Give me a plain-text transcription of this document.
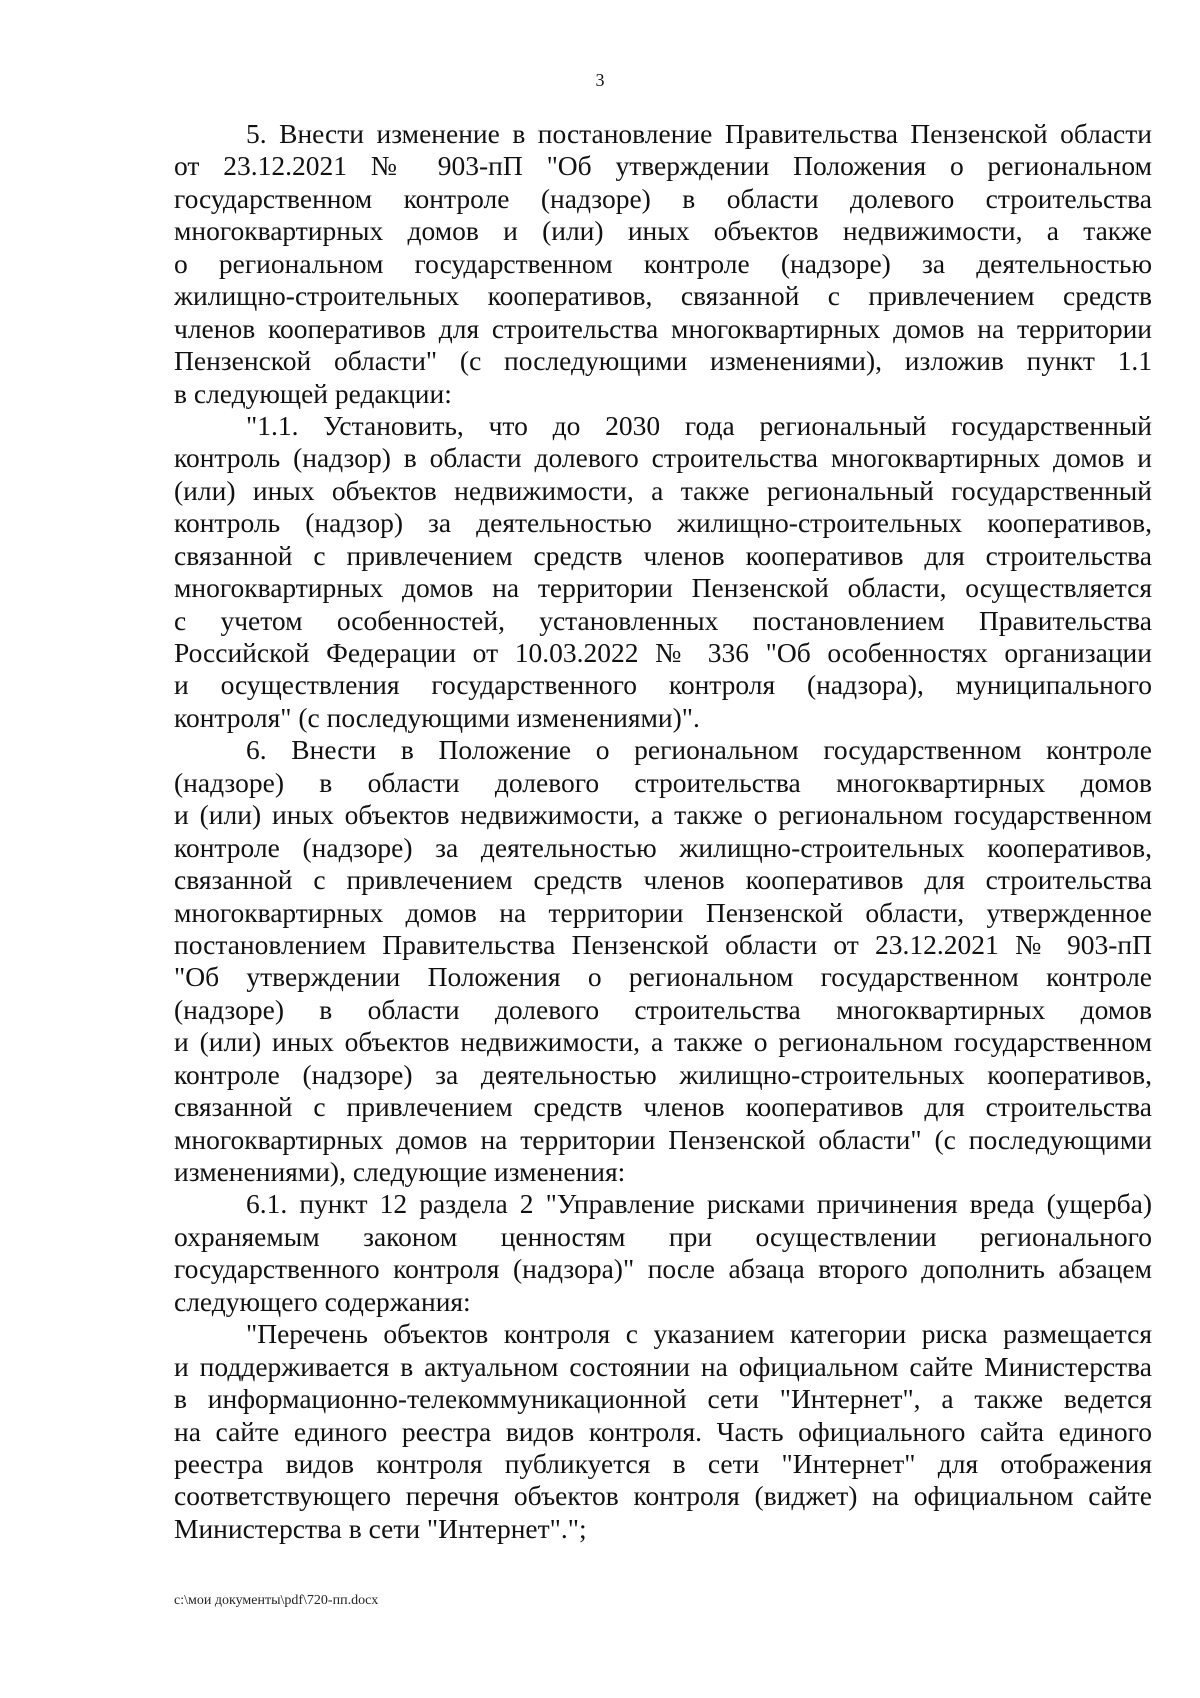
3
5. Внести изменение в постановление Правительства Пензенской области
от 23.12.2021 № 903-пП "Об утверждении Положения о региональном
государственном контроле (надзоре) в области долевого строительства
многоквартирных домов и (или) иных объектов недвижимости, а также
о региональном государственном контроле (надзоре) за деятельностью
жилищно-строительных кооперативов, связанной с привлечением средств
членов кооперативов для строительства многоквартирных домов на территории
Пензенской области" (с последующими изменениями), изложив пункт 1.1
в следующей редакции:
"1.1. Установить, что до 2030 года региональный государственный
контроль (надзор) в области долевого строительства многоквартирных домов и
(или) иных объектов недвижимости, а также региональный государственный
контроль (надзор) за деятельностью жилищно-строительных кооперативов,
связанной с привлечением средств членов кооперативов для строительства
многоквартирных домов на территории Пензенской области, осуществляется
с учетом особенностей, установленных постановлением Правительства
Российской Федерации от 10.03.2022 № 336 "Об особенностях организации
и осуществления государственного контроля (надзора), муниципального
контроля" (с последующими изменениями)".
6. Внести в Положение о региональном государственном контроле
(надзоре) в области долевого строительства многоквартирных домов
и (или) иных объектов недвижимости, а также о региональном государственном
контроле (надзоре) за деятельностью жилищно-строительных кооперативов,
связанной с привлечением средств членов кооперативов для строительства
многоквартирных домов на территории Пензенской области, утвержденное
постановлением Правительства Пензенской области от 23.12.2021 № 903-пП
"Об утверждении Положения о региональном государственном контроле
(надзоре) в области долевого строительства многоквартирных домов
и (или) иных объектов недвижимости, а также о региональном государственном
контроле (надзоре) за деятельностью жилищно-строительных кооперативов,
связанной с привлечением средств членов кооперативов для строительства
многоквартирных домов на территории Пензенской области" (с последующими
изменениями), следующие изменения:
6.1. пункт 12 раздела 2 "Управление рисками причинения вреда (ущерба)
охраняемым законом ценностям при осуществлении регионального
государственного контроля (надзора)" после абзаца второго дополнить абзацем
следующего содержания:
"Перечень объектов контроля с указанием категории риска размещается
и поддерживается в актуальном состоянии на официальном сайте Министерства
в информационно-телекоммуникационной сети "Интернет", а также ведется
на сайте единого реестра видов контроля. Часть официального сайта единого
реестра видов контроля публикуется в сети "Интернет" для отображения
соответствующего перечня объектов контроля (виджет) на официальном сайте
Министерства в сети "Интернет".";
c:\мои документы\pdf\720-пп.docx
